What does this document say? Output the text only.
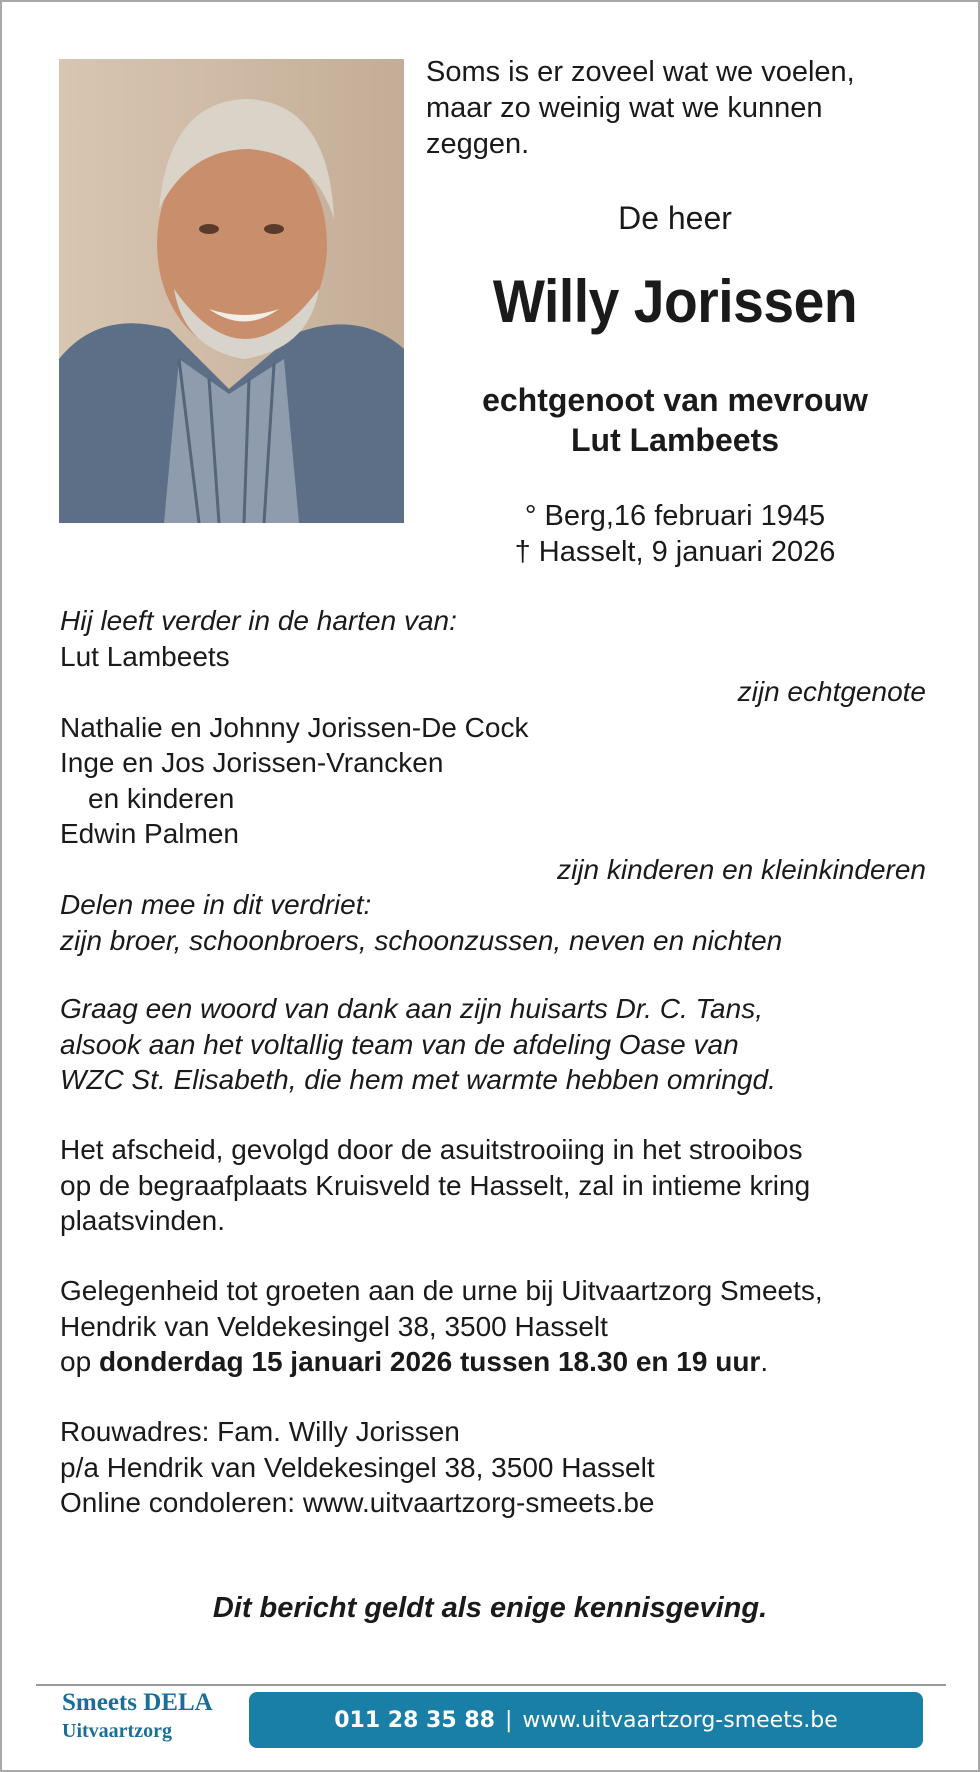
Soms is er zoveel wat we voelen,
maar zo weinig wat we kunnen
zeggen.
De heer
Willy Jorissen
echtgenoot van mevrouw
Lut Lambeets
° Berg,16 februari 1945
† Hasselt, 9 januari 2026
Hij leeft verder in de harten van:
Lut Lambeets
zijn echtgenote
Nathalie en Johnny Jorissen-De Cock
Inge en Jos Jorissen-Vrancken
en kinderen
Edwin Palmen
zijn kinderen en kleinkinderen
Delen mee in dit verdriet:
zijn broer, schoonbroers, schoonzussen, neven en nichten
Graag een woord van dank aan zijn huisarts Dr. C. Tans,
alsook aan het voltallig team van de afdeling Oase van
WZC St. Elisabeth, die hem met warmte hebben omringd.
Het afscheid, gevolgd door de asuitstrooiing in het strooibos
op de begraafplaats Kruisveld te Hasselt, zal in intieme kring
plaatsvinden.
Gelegenheid tot groeten aan de urne bij Uitvaartzorg Smeets,
Hendrik van Veldekesingel 38, 3500 Hasselt
op donderdag 15 januari 2026 tussen 18.30 en 19 uur.
Rouwadres: Fam. Willy Jorissen
p/a Hendrik van Veldekesingel 38, 3500 Hasselt
Online condoleren: www.uitvaartzorg-smeets.be
Dit bericht geldt als enige kennisgeving.
Smeets DELA
Uitvaartzorg	011 28 35 88 | www.uitvaartzorg-smeets.be
